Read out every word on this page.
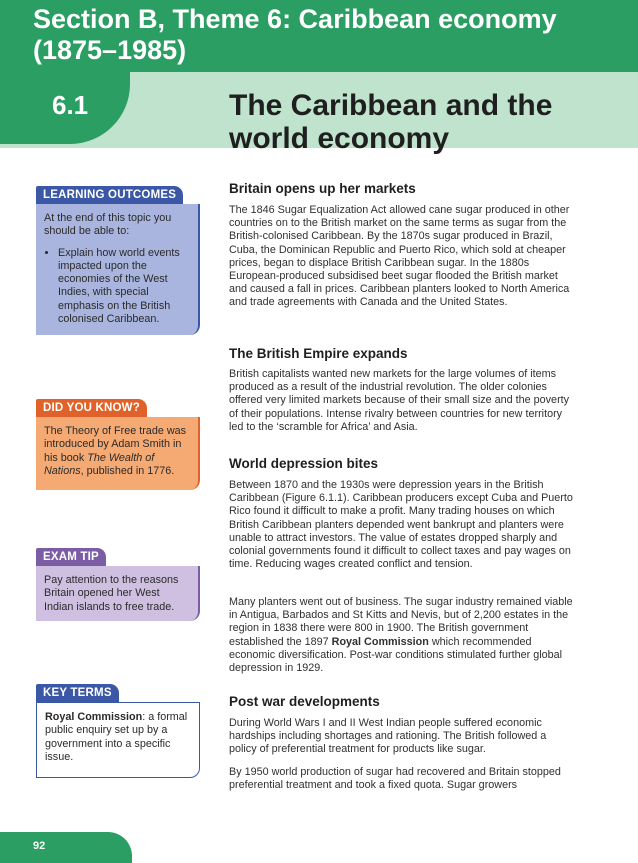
Section B, Theme 6: Caribbean economy (1875–1985)
6.1	The Caribbean and the world economy
LEARNING OUTCOMES
At the end of this topic you should be able to:
• Explain how world events impacted upon the economies of the West Indies, with special emphasis on the British colonised Caribbean.
DID YOU KNOW?
The Theory of Free trade was introduced by Adam Smith in his book The Wealth of Nations, published in 1776.
EXAM TIP
Pay attention to the reasons Britain opened her West Indian islands to free trade.
KEY TERMS
Royal Commission: a formal public enquiry set up by a government into a specific issue.
Britain opens up her markets

The 1846 Sugar Equalization Act allowed cane sugar produced in other countries on to the British market on the same terms as sugar from the British-colonised Caribbean. By the 1870s sugar produced in Brazil, Cuba, the Dominican Republic and Puerto Rico, which sold at cheaper prices, began to displace British Caribbean sugar. In the 1880s European-produced subsidised beet sugar flooded the British market and caused a fall in prices. Caribbean planters looked to North America and trade agreements with Canada and the United States.

The British Empire expands

British capitalists wanted new markets for the large volumes of items produced as a result of the industrial revolution. The older colonies offered very limited markets because of their small size and the poverty of their populations. Intense rivalry between countries for new territory led to the ‘scramble for Africa’ and Asia.

World depression bites

Between 1870 and the 1930s were depression years in the British Caribbean (Figure 6.1.1). Caribbean producers except Cuba and Puerto Rico found it difficult to make a profit. Many trading houses on which British Caribbean planters depended went bankrupt and planters were unable to attract investors. The value of estates dropped sharply and colonial governments found it difficult to collect taxes and pay wages on time. Reducing wages created conflict and tension.

Many planters went out of business. The sugar industry remained viable in Antigua, Barbados and St Kitts and Nevis, but of 2,200 estates in the region in 1838 there were 800 in 1900. The British government established the 1897 Royal Commission which recommended economic diversification. Post-war conditions stimulated further global depression in 1929.

Post war developments

During World Wars I and II West Indian people suffered economic hardships including shortages and rationing. The British followed a policy of preferential treatment for products like sugar.

By 1950 world production of sugar had recovered and Britain stopped preferential treatment and took a fixed quota. Sugar growers

92
